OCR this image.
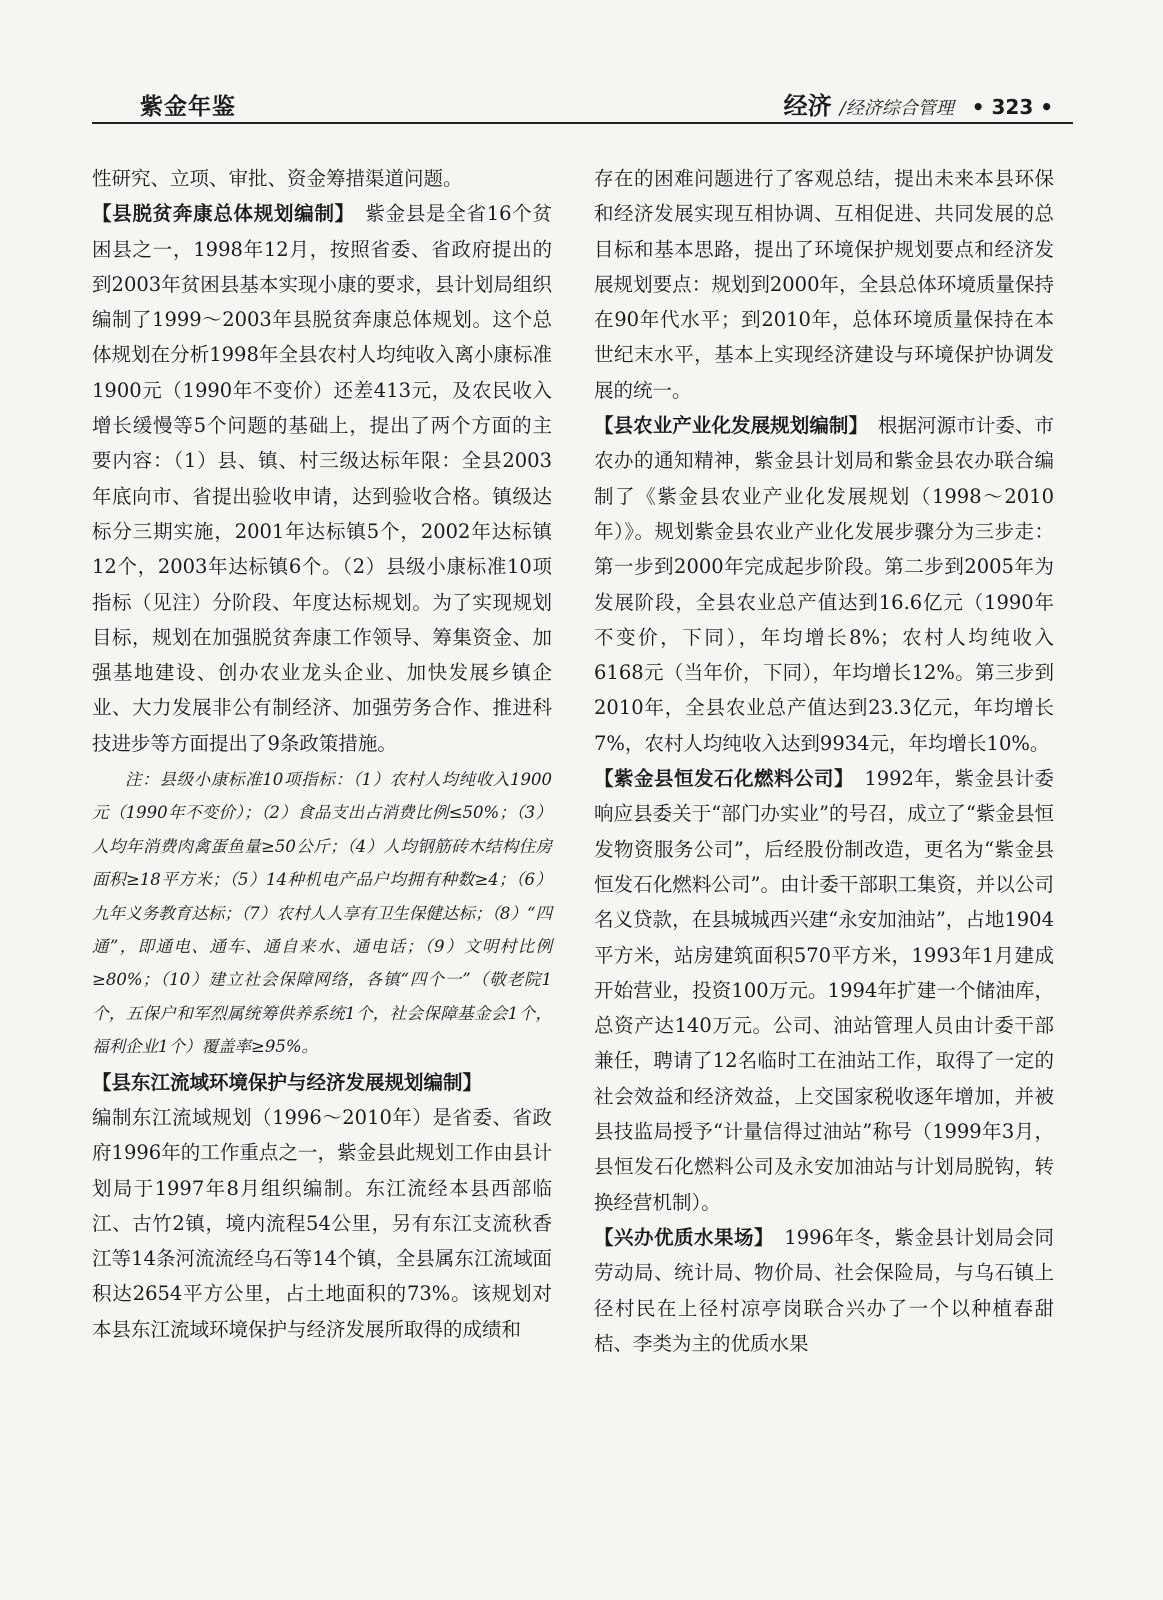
紫金年鉴	经济 /经济综合管理 • 323 •

性研究、立项、审批、资金筹措渠道问题。

【县脱贫奔康总体规划编制】　紫金县是全省16个贫困县之一，1998年12月，按照省委、省政府提出的到2003年贫困县基本实现小康的要求，县计划局组织编制了1999～2003年县脱贫奔康总体规划。这个总体规划在分析1998年全县农村人均纯收入离小康标准1900元（1990年不变价）还差413元，及农民收入增长缓慢等5个问题的基础上，提出了两个方面的主要内容：（1）县、镇、村三级达标年限：全县2003年底向市、省提出验收申请，达到验收合格。镇级达标分三期实施，2001年达标镇5个，2002年达标镇12个，2003年达标镇6个。（2）县级小康标准10项指标（见注）分阶段、年度达标规划。为了实现规划目标，规划在加强脱贫奔康工作领导、筹集资金、加强基地建设、创办农业龙头企业、加快发展乡镇企业、大力发展非公有制经济、加强劳务合作、推进科技进步等方面提出了9条政策措施。

注：县级小康标准10项指标：（1）农村人均纯收入1900元（1990年不变价）；（2）食品支出占消费比例≤50%；（3）人均年消费肉禽蛋鱼量≥50公斤；（4）人均钢筋砖木结构住房面积≥18平方米；（5）14种机电产品户均拥有种数≥4；（6）九年义务教育达标；（7）农村人人享有卫生保健达标；（8）“四通”，即通电、通车、通自来水、通电话；（9）文明村比例≥80%；（10）建立社会保障网络，各镇“四个一”（敬老院1个，五保户和军烈属统筹供养系统1个，社会保障基金会1个，福利企业1个）覆盖率≥95%。

【县东江流域环境保护与经济发展规划编制】
编制东江流域规划（1996～2010年）是省委、省政府1996年的工作重点之一，紫金县此规划工作由县计划局于1997年8月组织编制。东江流经本县西部临江、古竹2镇，境内流程54公里，另有东江支流秋香江等14条河流流经乌石等14个镇，全县属东江流域面积达2654平方公里，占土地面积的73%。该规划对本县东江流域环境保护与经济发展所取得的成绩和

存在的困难问题进行了客观总结，提出未来本县环保和经济发展实现互相协调、互相促进、共同发展的总目标和基本思路，提出了环境保护规划要点和经济发展规划要点：规划到2000年，全县总体环境质量保持在90年代水平；到2010年，总体环境质量保持在本世纪末水平，基本上实现经济建设与环境保护协调发展的统一。

【县农业产业化发展规划编制】　根据河源市计委、市农办的通知精神，紫金县计划局和紫金县农办联合编制了《紫金县农业产业化发展规划（1998～2010年）》。规划紫金县农业产业化发展步骤分为三步走：第一步到2000年完成起步阶段。第二步到2005年为发展阶段，全县农业总产值达到16.6亿元（1990年不变价，下同），年均增长8%；农村人均纯收入6168元（当年价，下同），年均增长12%。第三步到2010年，全县农业总产值达到23.3亿元，年均增长7%，农村人均纯收入达到9934元，年均增长10%。

【紫金县恒发石化燃料公司】　1992年，紫金县计委响应县委关于“部门办实业”的号召，成立了“紫金县恒发物资服务公司”，后经股份制改造，更名为“紫金县恒发石化燃料公司”。由计委干部职工集资，并以公司名义贷款，在县城城西兴建“永安加油站”，占地1904平方米，站房建筑面积570平方米，1993年1月建成开始营业，投资100万元。1994年扩建一个储油库，总资产达140万元。公司、油站管理人员由计委干部兼任，聘请了12名临时工在油站工作，取得了一定的社会效益和经济效益，上交国家税收逐年增加，并被县技监局授予“计量信得过油站”称号（1999年3月，县恒发石化燃料公司及永安加油站与计划局脱钩，转换经营机制）。

【兴办优质水果场】　1996年冬，紫金县计划局会同劳动局、统计局、物价局、社会保险局，与乌石镇上径村民在上径村凉亭岗联合兴办了一个以种植春甜桔、李类为主的优质水果
